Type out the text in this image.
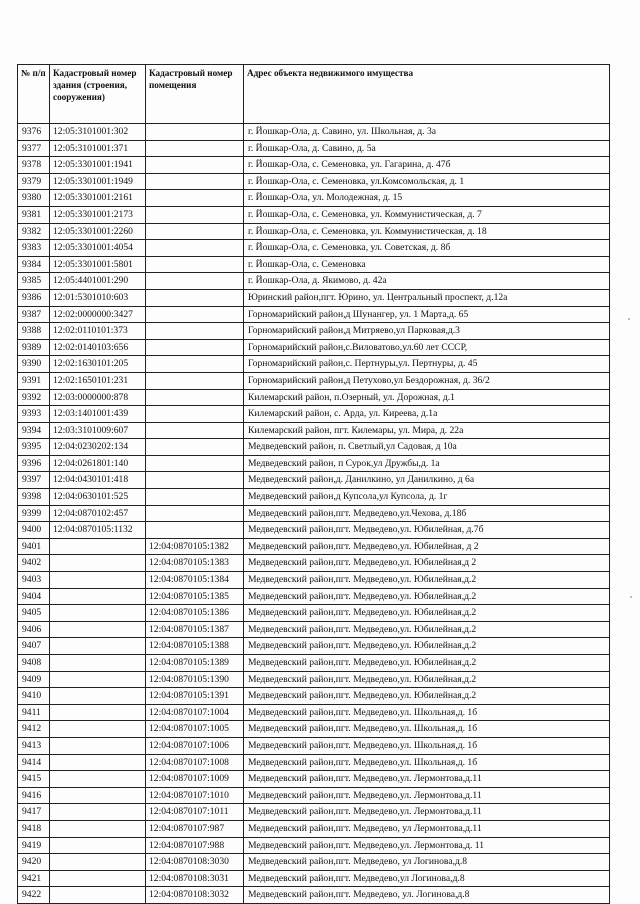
№ п/п	Кадастровый номер здания (строения, сооружения)	Кадастровый номер помещения	Адрес объекта недвижимого имущества
9376	12:05:3101001:302		г. Йошкар-Ола, д. Савино, ул. Школьная, д. 3а
9377	12:05:3101001:371		г. Йошкар-Ола, д. Савино, д. 5а
9378	12:05:3301001:1941		г. Йошкар-Ола, с. Семеновка, ул. Гагарина, д. 47б
9379	12:05:3301001:1949		г. Йошкар-Ола, с. Семеновка, ул.Комсомольская, д. 1
9380	12:05:3301001:2161		г. Йошкар-Ола, ул. Молодежная, д. 15
9381	12:05:3301001:2173		г. Йошкар-Ола, с. Семеновка, ул. Коммунистическая, д. 7
9382	12:05:3301001:2260		г. Йошкар-Ола, с. Семеновка, ул. Коммунистическая, д. 18
9383	12:05:3301001:4054		г. Йошкар-Ола, с. Семеновка, ул. Советская, д. 8б
9384	12:05:3301001:5801		г. Йошкар-Ола, с. Семеновка
9385	12:05:4401001:290		г. Йошкар-Ола, д. Якимово, д. 42а
9386	12:01:5301010:603		Юринский район,пгт. Юрино, ул. Центральный проспект, д.12а
9387	12:02:0000000:3427		Горномарийский район,д Шунангер, ул. 1 Марта,д. 65
9388	12:02:0110101:373		Горномарийский район,д Митряево,ул Парковая,д.3
9389	12:02:0140103:656		Горномарийский район,с.Виловатово,ул.60 лет СССР,
9390	12:02:1630101:205		Горномарийский район,с. Пертнуры,ул. Пертнуры, д. 45
9391	12:02:1650101:231		Горномарийский район,д Петухово,ул Бездорожная, д. 36/2
9392	12:03:0000000:878		Килемарский район, п.Озерный, ул. Дорожная, д.1
9393	12:03:1401001:439		Килемарский район, с. Арда, ул. Киреева, д.1а
9394	12:03:3101009:607		Килемарский район, пгт. Килемары, ул. Мира, д. 22а
9395	12:04:0230202:134		Медведевский район, п. Светлый,ул Садовая, д 10а
9396	12:04:0261801:140		Медведевский район, п Сурок,ул Дружбы,д. 1а
9397	12:04:0430101:418		Медведевский район,д. Данилкино, ул Данилкино, д 6а
9398	12:04:0630101:525		Медведевский район,д Купсола,ул Купсола, д. 1г
9399	12:04:0870102:457		Медведевский район,пгт. Медведево,ул.Чехова, д.18б
9400	12:04:0870105:1132		Медведевский район,пгт. Медведево,ул. Юбилейная, д.7б
9401		12:04:0870105:1382	Медведевский район,пгт. Медведево,ул. Юбилейная, д 2
9402		12:04:0870105:1383	Медведевский район,пгт. Медведево,ул. Юбилейная,д 2
9403		12:04:0870105:1384	Медведевский район,пгт. Медведево,ул. Юбилейная,д.2
9404		12:04:0870105:1385	Медведевский район,пгт. Медведево,ул. Юбилейная,д.2
9405		12:04:0870105:1386	Медведевский район,пгт. Медведево,ул. Юбилейная,д.2
9406		12:04:0870105:1387	Медведевский район,пгт. Медведево,ул. Юбилейная,д.2
9407		12:04:0870105:1388	Медведевский район,пгт. Медведево,ул. Юбилейная,д.2
9408		12:04:0870105:1389	Медведевский район,пгт. Медведево,ул. Юбилейная,д.2
9409		12:04:0870105:1390	Медведевский район,пгт. Медведево,ул. Юбилейная,д.2
9410		12:04:0870105:1391	Медведевский район,пгт. Медведево,ул. Юбилейная,д.2
9411		12:04:0870107:1004	Медведевский район,пгт. Медведево,ул. Школьная,д. 1б
9412		12:04:0870107:1005	Медведевский район,пгт. Медведево,ул. Школьная,д. 1б
9413		12:04:0870107:1006	Медведевский район,пгт. Медведево,ул. Школьная,д. 1б
9414		12:04:0870107:1008	Медведевский район,пгт. Медведево,ул. Школьная,д. 1б
9415		12:04:0870107:1009	Медведевский район,пгт. Медведево,ул. Лермонтова,д.11
9416		12:04:0870107:1010	Медведевский район,пгт. Медведево,ул. Лермонтова,д.11
9417		12:04:0870107:1011	Медведевский район,пгт. Медведево,ул. Лермонтова,д.11
9418		12:04:0870107:987	Медведевский район,пгт. Медведево, ул Лермонтова,д.11
9419		12:04:0870107:988	Медведевский район,пгт. Медведево,ул. Лермонтова,д. 11
9420		12:04:0870108:3030	Медведевский район,пгт. Медведево, ул Логинова,д.8
9421		12:04:0870108:3031	Медведевский район,пгт. Медведево,ул Логинова,д.8
9422		12:04:0870108:3032	Медведевский район,пгт. Медведево, ул. Логинова,д.8
